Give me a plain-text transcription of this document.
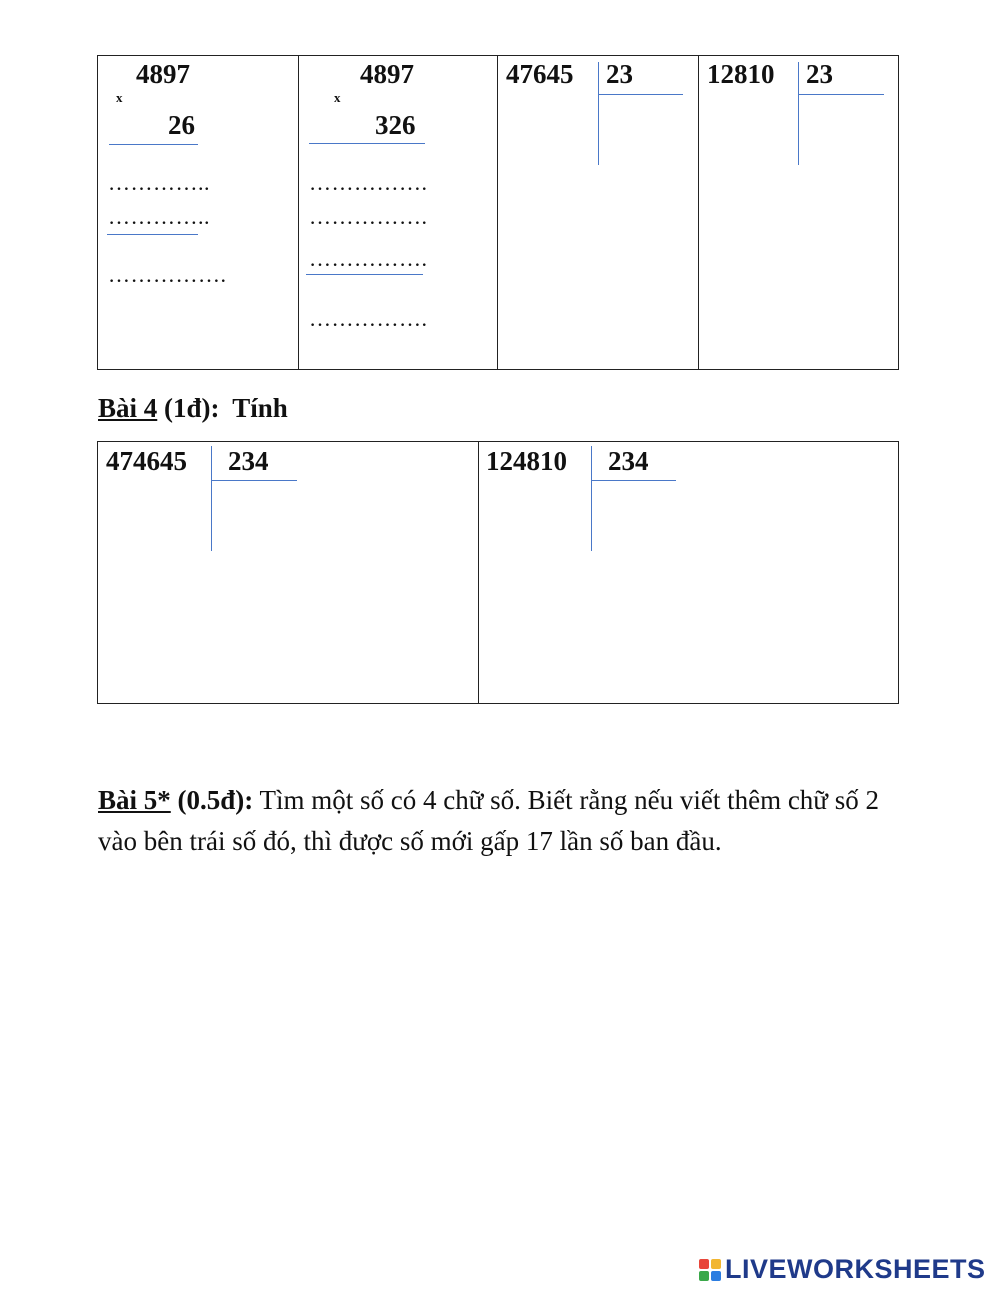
4897
x
26
…………..
…………..
…………….
4897
x
326
…………….
…………….
…………….
…………….
47645 23	12810 23
Bài 4 (1đ): Tính
474645 234	124810 234
Bài 5* (0.5đ): Tìm một số có 4 chữ số. Biết rằng nếu viết thêm chữ số 2 vào bên trái số đó, thì được số mới gấp 17 lần số ban đầu.
LIVEWORKSHEETS
